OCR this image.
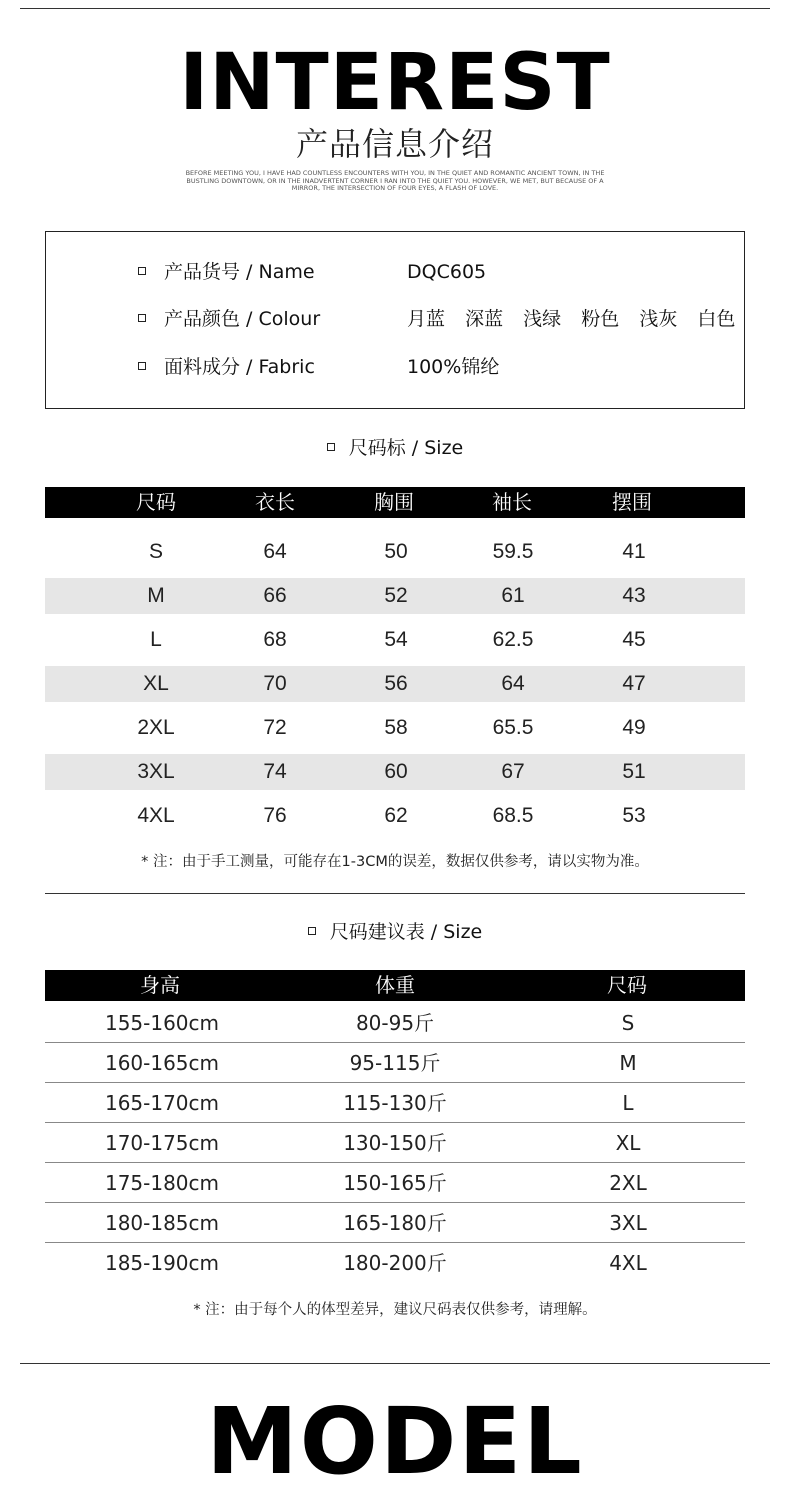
INTEREST
产品信息介绍
BEFORE MEETING YOU, I HAVE HAD COUNTLESS ENCOUNTERS WITH YOU, IN THE QUIET AND ROMANTIC ANCIENT TOWN, IN THE BUSTLING DOWNTOWN, OR IN THE INADVERTENT CORNER I RAN INTO THE QUIET YOU. HOWEVER, WE MET, BUT BECAUSE OF A MIRROR, THE INTERSECTION OF FOUR EYES, A FLASH OF LOVE.
产品货号 / Name	DQC605
产品颜色 / Colour	月蓝  深蓝  浅绿  粉色  浅灰  白色
面料成分 / Fabric	100%锦纶
尺码标 / Size
尺码	衣长	胸围	袖长	摆围
S	64	50	59.5	41
M	66	52	61	43
L	68	54	62.5	45
XL	70	56	64	47
2XL	72	58	65.5	49
3XL	74	60	67	51
4XL	76	62	68.5	53
* 注：由于手工测量，可能存在1-3CM的误差，数据仅供参考，请以实物为准。
尺码建议表 / Size
身高	体重	尺码
155-160cm	80-95斤	S
160-165cm	95-115斤	M
165-170cm	115-130斤	L
170-175cm	130-150斤	XL
175-180cm	150-165斤	2XL
180-185cm	165-180斤	3XL
185-190cm	180-200斤	4XL
* 注：由于每个人的体型差异，建议尺码表仅供参考，请理解。
MODEL
